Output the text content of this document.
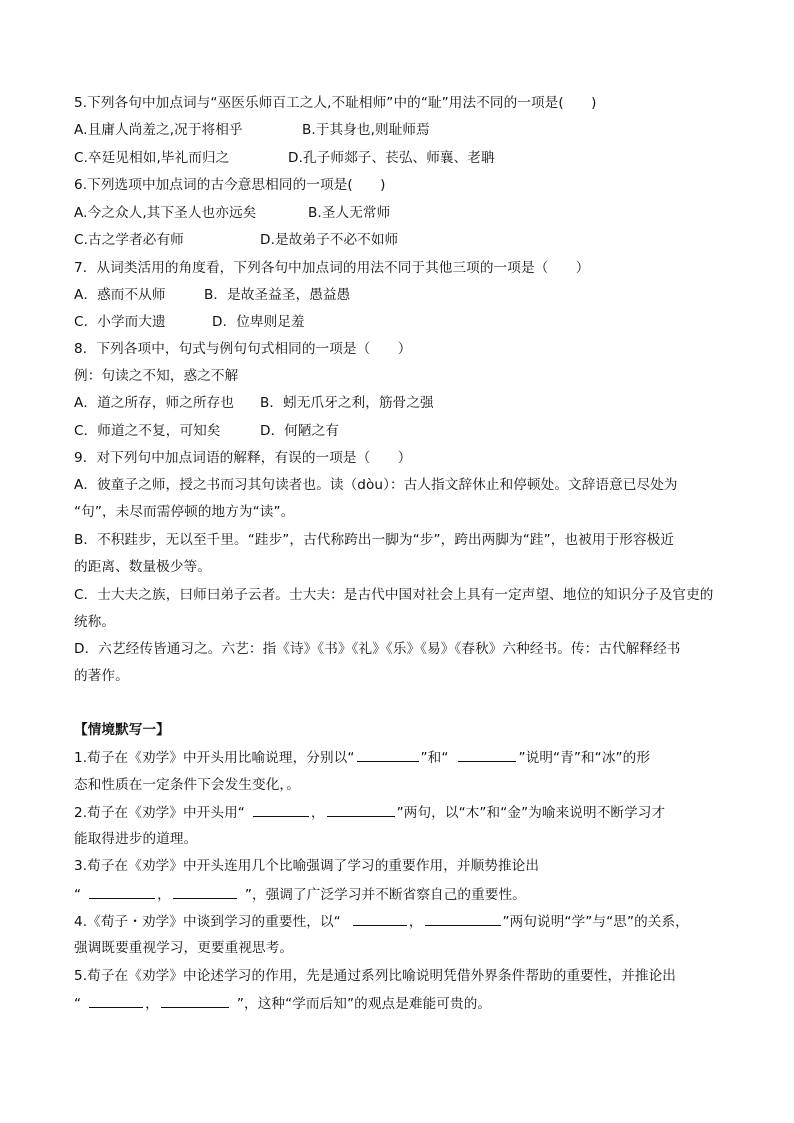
5.下列各句中加点词与“巫医乐师百工之人,不耻相师”中的“耻”用法不同的一项是(　　)
A.且庸人尚羞之,况于将相乎	B.于其身也,则耻师焉
C.卒廷见相如,毕礼而归之	D.孔子师郯子、苌弘、师襄、老聃
6.下列选项中加点词的古今意思相同的一项是(　　)
A.今之众人,其下圣人也亦远矣	B.圣人无常师
C.古之学者必有师	D.是故弟子不必不如师
7．从词类活用的角度看，下列各句中加点词的用法不同于其他三项的一项是（　　）
A．惑而不从师	B．是故圣益圣，愚益愚
C．小学而大遗	D．位卑则足羞
8．下列各项中，句式与例句句式相同的一项是（　　）
例：句读之不知，惑之不解
A．道之所存，师之所存也 B．蚓无爪牙之利，筋骨之强
C．师道之不复，可知矣	D．何陋之有
9．对下列句中加点词语的解释，有误的一项是（　　）
A．彼童子之师，授之书而习其句读者也。读（dòu）：古人指文辞休止和停顿处。文辞语意已尽处为
“句”，未尽而需停顿的地方为“读”。
B．不积跬步，无以至千里。“跬步”，古代称跨出一脚为“步”，跨出两脚为“跬”，也被用于形容极近
的距离、数量极少等。
C．士大夫之族，曰师曰弟子云者。士大夫：是古代中国对社会上具有一定声望、地位的知识分子及官吏的
统称。
D．六艺经传皆通习之。六艺：指《诗》《书》《礼》《乐》《易》《春秋》六种经书。传：古代解释经书
的著作。
【情境默写一】
1.荀子在《劝学》中开头用比喻说理，分别以“	”和“	”说明“青”和“冰”的形
态和性质在一定条件下会发生变化，。
2.荀子在《劝学》中开头用“	，	”两句，以“木”和“金”为喻来说明不断学习才
能取得进步的道理。
3.荀子在《劝学》中开头连用几个比喻强调了学习的重要作用，并顺势推论出
“	，	”，强调了广泛学习并不断省察自己的重要性。
4.《荀子・劝学》中谈到学习的重要性，以“	，	”两句说明“学”与“思”的关系，
强调既要重视学习，更要重视思考。
5.荀子在《劝学》中论述学习的作用，先是通过系列比喻说明凭借外界条件帮助的重要性，并推论出
“	，	”，这种“学而后知”的观点是难能可贵的。
